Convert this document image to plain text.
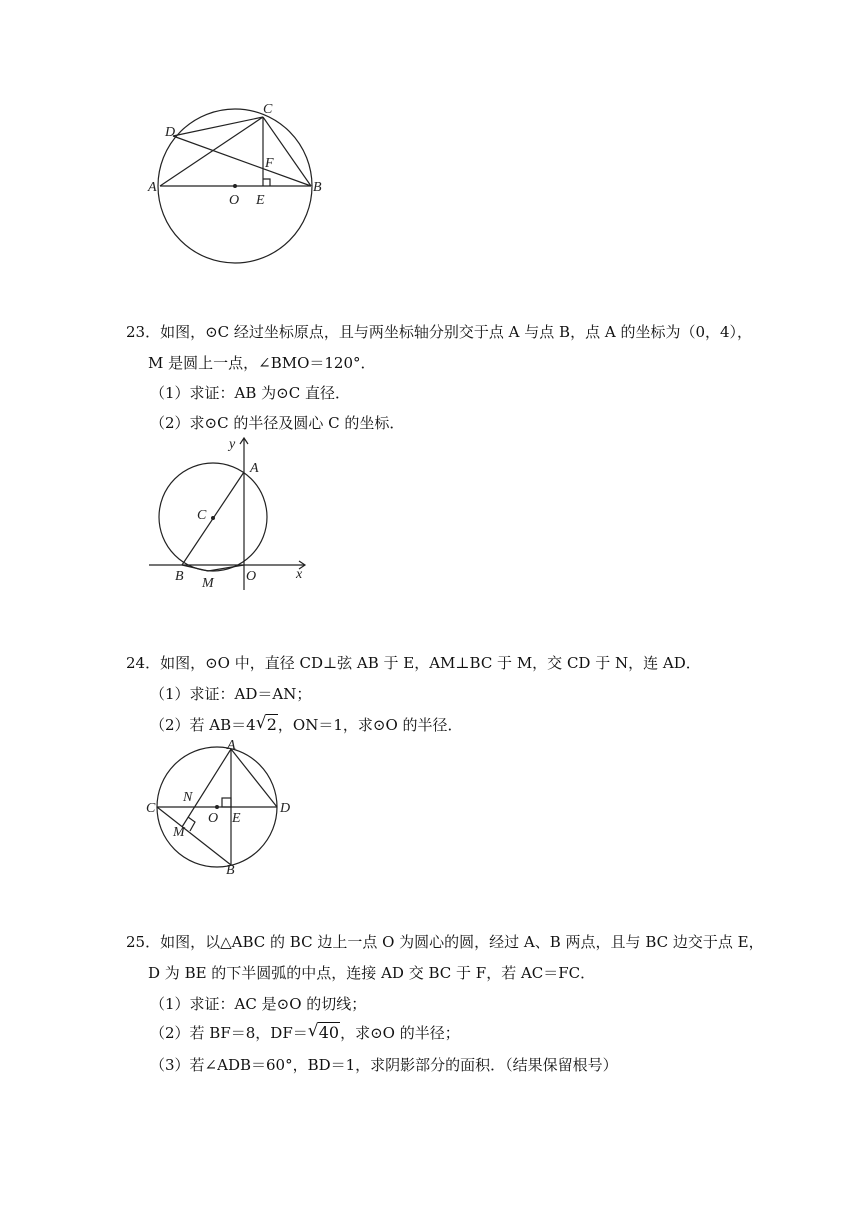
A	B
C
D
F
O E
23．如图，⊙C 经过坐标原点，且与两坐标轴分别交于点 A 与点 B，点 A 的坐标为（0，4），
M 是圆上一点，∠BMO＝120°．
（1）求证：AB 为⊙C 直径．
（2）求⊙C 的半径及圆心 C 的坐标．
y
A
C
B M O	x
24．如图，⊙O 中，直径 CD⊥弦 AB 于 E，AM⊥BC 于 M，交 CD 于 N，连 AD．
（1）求证：AD＝AN；
（2）若 AB＝4 √ 2，ON＝1，求⊙O 的半径．
A
C	D
N
O E
M
B
25．如图，以△ABC 的 BC 边上一点 O 为圆心的圆，经过 A、B 两点，且与 BC 边交于点 E，
D 为 BE 的下半圆弧的中点，连接 AD 交 BC 于 F，若 AC＝FC．
（1）求证：AC 是⊙O 的切线；
（2）若 BF＝8，DF＝ √ 40，求⊙O 的半径；
（3）若∠ADB＝60°，BD＝1，求阴影部分的面积．（结果保留根号）
